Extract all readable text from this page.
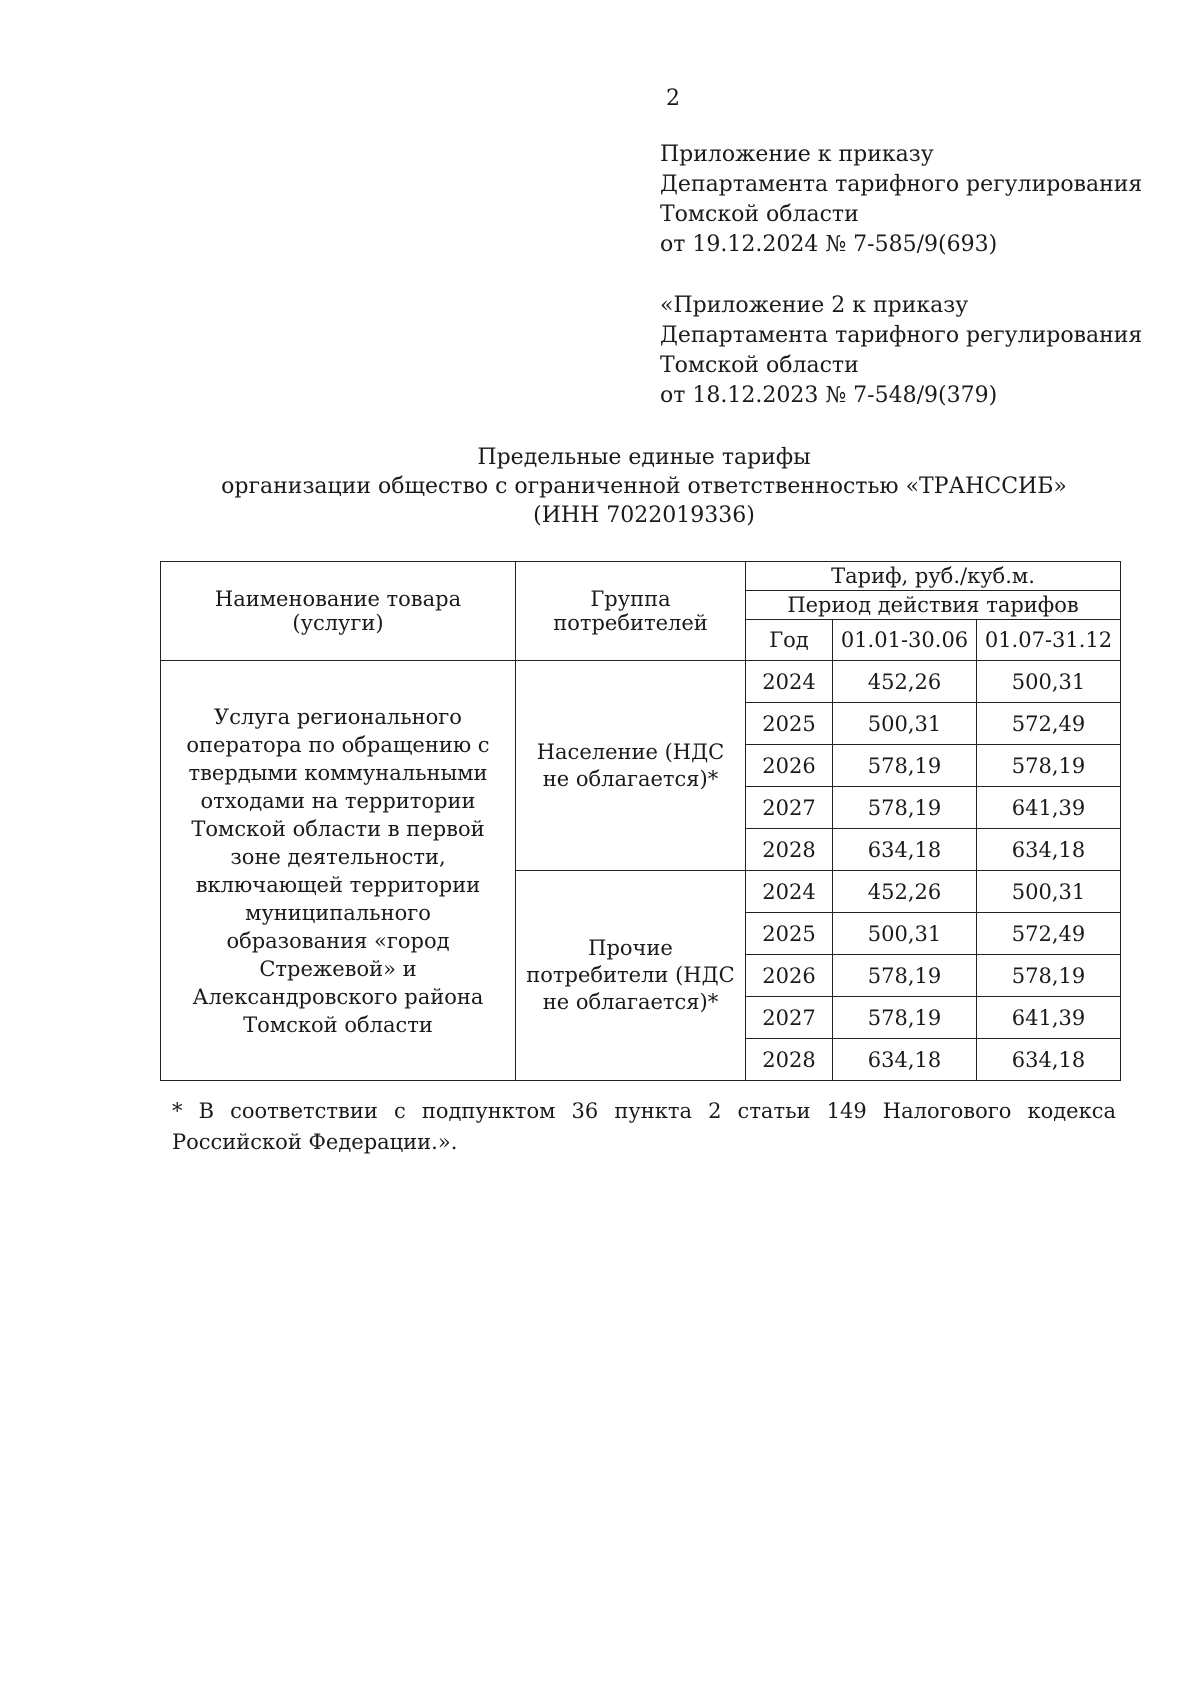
2
Приложение к приказу
Департамента тарифного регулирования
Томской области
от 19.12.2024 № 7-585/9(693)
«Приложение 2 к приказу
Департамента тарифного регулирования
Томской области
от 18.12.2023 № 7-548/9(379)
Предельные единые тарифы
организации общество с ограниченной ответственностью «ТРАНССИБ»
(ИНН 7022019336)
Наименование товара (услуги)	Группа потребителей	Тариф, руб./куб.м.		
		Период действия тарифов		
		Год	01.01-30.06	01.07-31.12
Услуга регионального оператора по обращению с твердыми коммунальными отходами на территории Томской области в первой зоне деятельности, включающей территории муниципального образования «город Стрежевой» и Александровского района Томской области	Население (НДС не облагается)*	2024	452,26	500,31
		2025	500,31	572,49
		2026	578,19	578,19
		2027	578,19	641,39
		2028	634,18	634,18
	Прочие потребители (НДС не облагается)*	2024	452,26	500,31
		2025	500,31	572,49
		2026	578,19	578,19
		2027	578,19	641,39
		2028	634,18	634,18
* В соответствии с подпунктом 36 пункта 2 статьи 149 Налогового кодекса Российской Федерации.».
